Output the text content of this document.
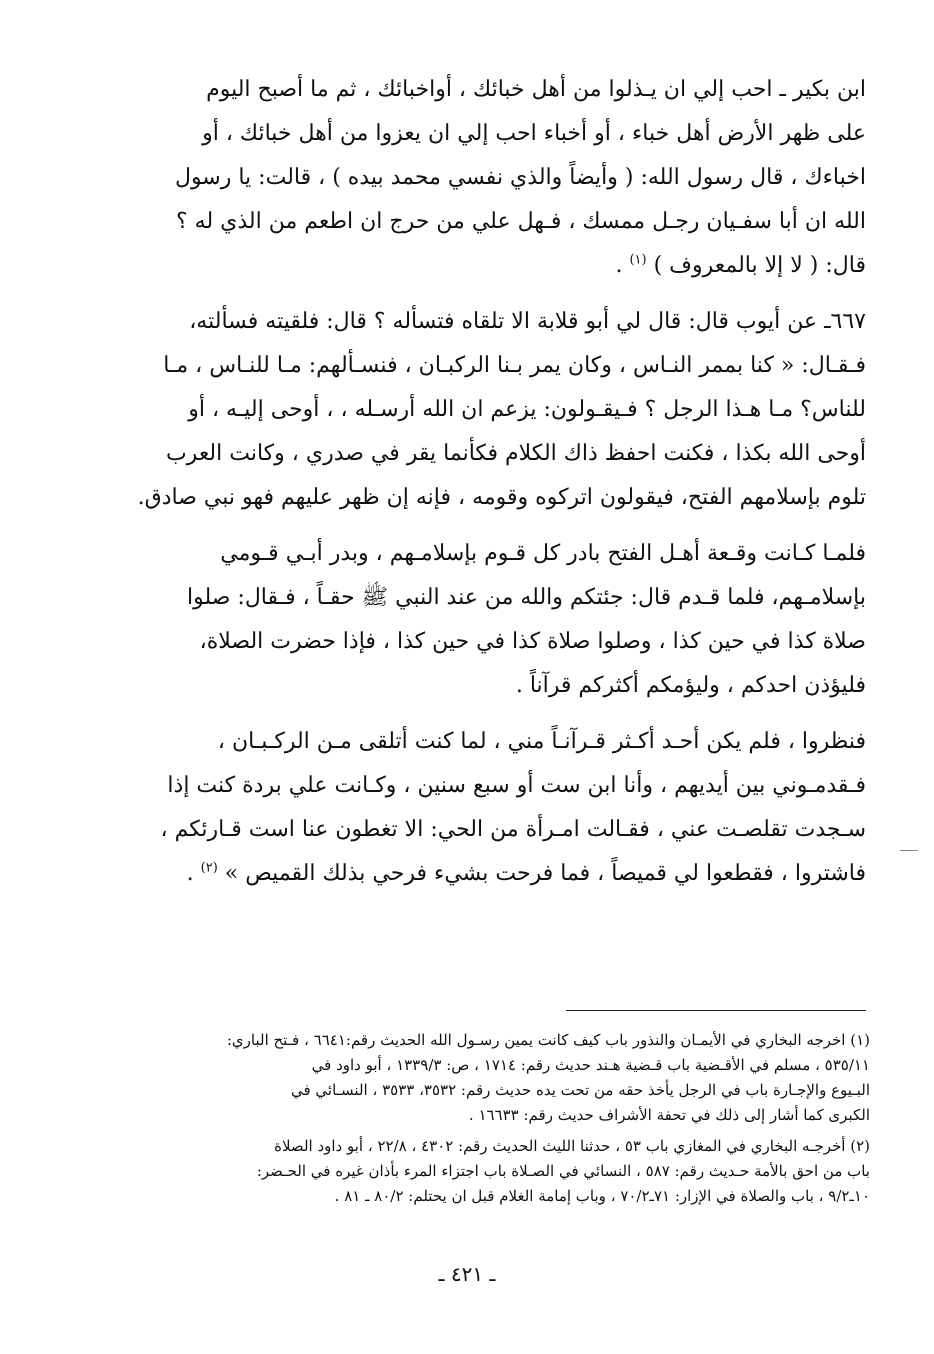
ابن بكير ـ احب إلي ان يـذلوا من أهل خبائك ، أواخبائك ، ثم ما أصبح اليوم
على ظهر الأرض أهل خباء ، أو أخباء احب إلي ان يعزوا من أهل خبائك ، أو
اخباءك ، قال رسول الله: ( وأيضاً والذي نفسي محمد بيده ) ، قالت: يا رسول
الله ان أبا سفـيان رجـل ممسك ، فـهل علي من حرج ان اطعم من الذي له ؟
قال: ( لا إلا بالمعروف ) $^{(١)}$ .

٦٦٧ـ عن أيوب قال: قال لي أبو قلابة الا تلقاه فتسأله ؟ قال: فلقيته فسألته،
فـقـال: « كنا بممر النـاس ، وكان يمر بـنا الركبـان ، فنسـألهم: مـا للنـاس ، مـا
للناس؟ مـا هـذا الرجل ؟ فـيقـولون: يزعم ان الله أرسـله ، ، أوحى إليـه ، أو
أوحى الله بكذا ، فكنت احفظ ذاك الكلام فكأنما يقر في صدري ، وكانت العرب
تلوم بإسلامهم الفتح، فيقولون اتركوه وقومه ، فإنه إن ظهر عليهم فهو نبي صادق.

فلمـا كـانت وقـعة أهـل الفتح بادر كل قـوم بإسلامـهم ، وبدر أبـي قـومي
بإسلامـهم، فلما قـدم قال: جئتكم والله من عند النبي ﷺ حقـاً ، فـقال: صلوا
صلاة كذا في حين كذا ، وصلوا صلاة كذا في حين كذا ، فإذا حضرت الصلاة،
فليؤذن احدكم ، وليؤمكم أكثركم قرآناً .

فنظروا ، فلم يكن أحـد أكـثر قـرآنـاً مني ، لما كنت أتلقى مـن الركـبـان ،
فـقدمـوني بين أيديهم ، وأنا ابن ست أو سبع سنين ، وكـانت علي بردة كنت إذا
سـجدت تقلصـت عني ، فقـالت امـرأة من الحي: الا تغطون عنا است قـارئكم ،
فاشتروا ، فقطعوا لي قميصاً ، فما فرحت بشيء فرحي بذلك القميص » $^{(٢)}$ .

(١) اخرجه البخاري في الأيمـان والنذور باب كيف كانت يمين رسـول الله الحديث رقم:٦٦٤١ ، فـتح الباري:
٥٣٥/١١ ، مسلم في الأقـضية باب قـضية هـند حديث رقم: ١٧١٤ ، ص: ١٣٣٩/٣ ، أبو داود في
البـيوع والإجـارة باب في الرجل يأخذ حقه من تحت يده حديث رقم: ٣٥٣٢، ٣٥٣٣ ، النسـائي في
الكبرى كما أشار إلى ذلك في تحفة الأشراف حديث رقم: ١٦٦٣٣ .
(٢) أخرجـه البخاري في المغازي باب ٥٣ ، حدثنا الليث الحديث رقم: ٤٣٠٢ ، ٢٢/٨ ، أبو داود الصلاة
باب من احق بالأمة حـديث رقم: ٥٨٧ ، النسائي في الصـلاة باب اجتزاء المرء بأذان غيره في الحـضر:
١٠ـ٩/٢ ، باب والصلاة في الإزار: ٧١ـ٧٠/٢ ، وباب إمامة الغلام قبل ان يحتلم: ٨٠/٢ ـ ٨١ .
ـ ٤٢١ ـ
